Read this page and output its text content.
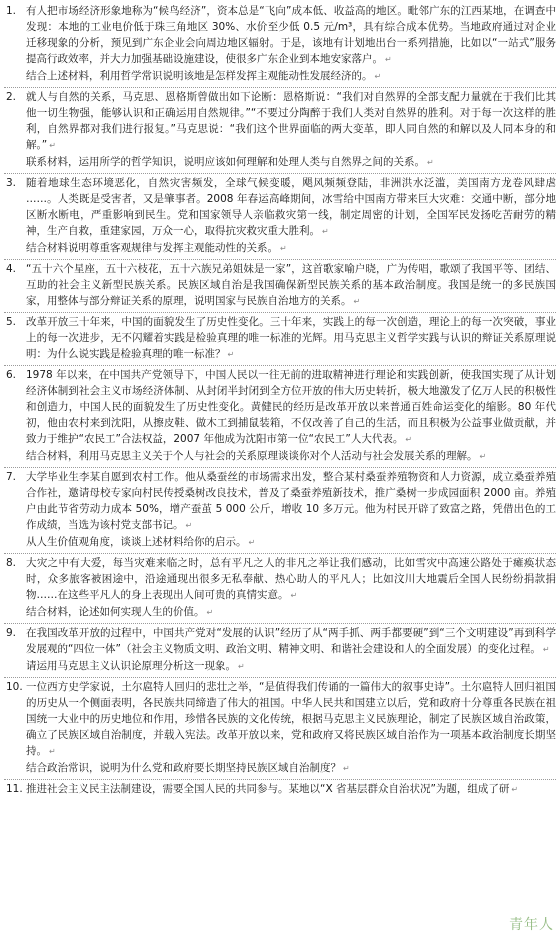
1. 有人把市场经济形象地称为“候鸟经济”，资本总是“飞向”成本低、收益高的地区。毗邻广东的江西某地，在调查中发现：本地的工业电价低于珠三角地区 30%、水价至少低 0.5 元/m³，具有综合成本优势。当地政府通过对企业迁移现象的分析，预见到广东企业会向周边地区辐射。于是，该地有计划地出台一系列措施，比如以“一站式”服务提高行政效率，并大力加强基础设施建设，使很多广东企业到本地安家落户。 ↵

结合上述材料，利用哲学常识说明该地是怎样发挥主观能动性发展经济的。 ↵

2. 就人与自然的关系，马克思、恩格斯曾做出如下论断：恩格斯说：“我们对自然界的全部支配力量就在于我们比其他一切生物强，能够认识和正确运用自然规律。”“不要过分陶醉于我们人类对自然界的胜利。对于每一次这样的胜利，自然界都对我们进行报复。”马克思说：“我们这个世界面临的两大变革，即人同自然的和解以及人同本身的和解。” ↵

联系材料，运用所学的哲学知识，说明应该如何理解和处理人类与自然界之间的关系。 ↵

3. 随着地球生态环境恶化，自然灾害频发，全球气候变暖，飓风频频登陆，非洲洪水泛滥，美国南方龙卷风肆虐 ……。人类既是受害者，又是肇事者。2008 年春运高峰期间，冰雪给中国南方带来巨大灾难：交通中断，部分地区断水断电，严重影响到民生。党和国家领导人亲临救灾第一线，制定周密的计划，全国军民发扬吃苦耐劳的精神，生产自救，重建家园，万众一心，取得抗灾救灾重大胜利。 ↵

结合材料说明尊重客观规律与发挥主观能动性的关系。 ↵

4. “五十六个星座，五十六枝花，五十六族兄弟姐妹是一家”，这首歌家喻户晓，广为传唱，歌颂了我国平等、团结、互助的社会主义新型民族关系。民族区域自治是我国确保新型民族关系的基本政治制度。我国是统一的多民族国家，用整体与部分辩证关系的原理，说明国家与民族自治地方的关系。 ↵

5. 改革开放三十年来，中国的面貌发生了历史性变化。三十年来，实践上的每一次创造，理论上的每一次突破，事业上的每一次进步，无不闪耀着实践是检验真理的唯一标准的光辉。用马克思主义哲学实践与认识的辩证关系原理说明：为什么说实践是检验真理的唯一标准？ ↵

6. 1978 年以来，在中国共产党领导下，中国人民以一往无前的进取精神进行理论和实践创新，使我国实现了从计划经济体制到社会主义市场经济体制、从封闭半封闭到全方位开放的伟大历史转折，极大地激发了亿万人民的积极性和创造力，中国人民的面貌发生了历史性变化。黄健民的经历是改革开放以来普通百姓命运变化的缩影。80 年代初，他由农村来到沈阳，从擦皮鞋、做木工到捕鼠装箱，不仅改善了自己的生活，而且积极为公益事业做贡献，并致力于维护“农民工”合法权益，2007 年他成为沈阳市第一位“农民工”人大代表。 ↵

结合材料，利用马克思主义关于个人与社会的关系原理谈谈你对个人活动与社会发展关系的理解。 ↵

7. 大学毕业生李某自愿到农村工作。他从桑蚕丝的市场需求出发，整合某村桑蚕养殖物资和人力资源，成立桑蚕养殖合作社，邀请母校专家向村民传授桑树改良技术，普及了桑蚕养殖新技术，推广桑树一步成园面积 2000 亩。养殖户由此节省劳动力成本 50%，增产蚕茧 5 000 公斤，增收 10 多万元。他为村民开辟了致富之路，凭借出色的工作成绩，当选为该村党支部书记。 ↵

从人生价值观角度，谈谈上述材料给你的启示。 ↵

8. 大灾之中有大爱，每当灾难来临之时，总有平凡之人的非凡之举让我们感动，比如雪灾中高速公路处于瘫痪状态时，众多旅客被困途中，沿途通现出很多无私奉献、热心助人的平凡人；比如汶川大地震后全国人民纷纷捐款捐物……在这些平凡人的身上表现出人间可贵的真情实意。 ↵

结合材料，论述如何实现人生的价值。 ↵

9. 在我国改革开放的过程中，中国共产党对“发展的认识”经历了从“两手抓、两手都要硬”到“三个文明建设”再到科学发展观的“四位一体”（社会主义物质文明、政治文明、精神文明、和谐社会建设和人的全面发展）的变化过程。 ↵

请运用马克思主义认识论原理分析这一现象。 ↵

10. 一位西方史学家说，土尔扈特人回归的悲壮之举，“是值得我们传诵的一篇伟大的叙事史诗”。土尔扈特人回归祖国的历史从一个侧面表明，各民族共同缔造了伟大的祖国。中华人民共和国建立以后，党和政府十分尊重各民族在祖国统一大业中的历史地位和作用，珍惜各民族的文化传统，根据马克思主义民族理论，制定了民族区域自治政策，确立了民族区域自治制度，并载入宪法。改革开放以来，党和政府又将民族区域自治作为一项基本政治制度长期坚持。 ↵

结合政治常识，说明为什么党和政府要长期坚持民族区域自治制度？ ↵

11. 推进社会主义民主法制建设，需要全国人民的共同参与。某地以“X 省基层群众自治状况”为题，组成了研 ↵

青年人
